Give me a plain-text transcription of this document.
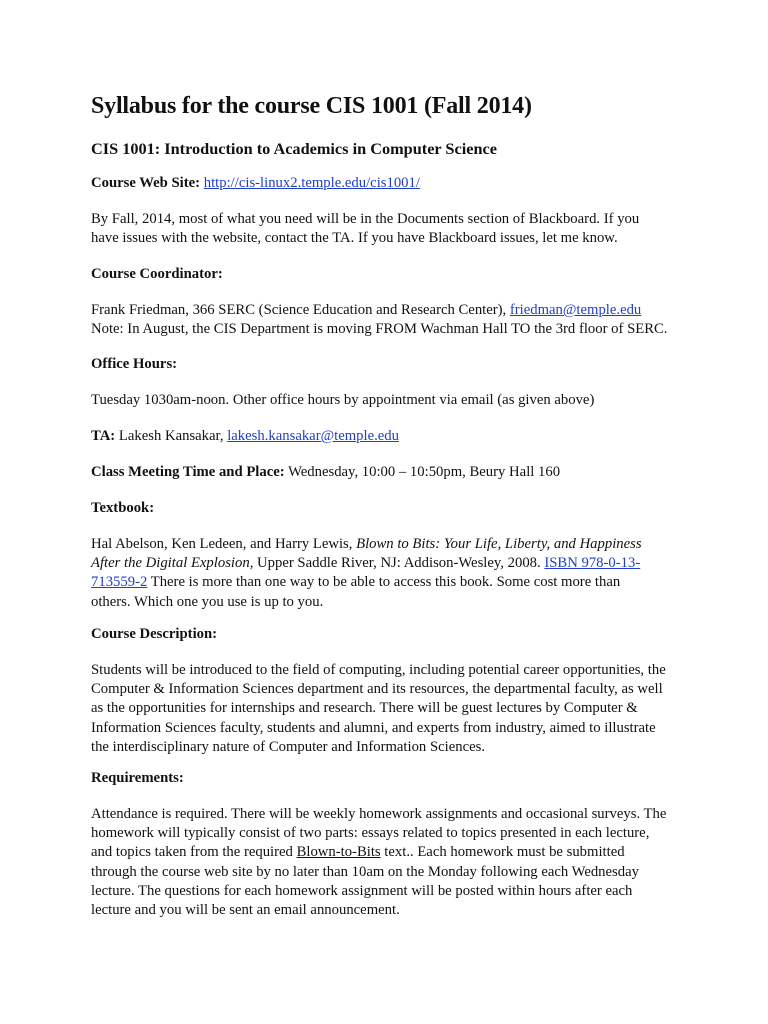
Syllabus for the course CIS 1001 (Fall 2014)
CIS 1001: Introduction to Academics in Computer Science
Course Web Site: http://cis-linux2.temple.edu/cis1001/
By Fall, 2014, most of what you need will be in the Documents section of Blackboard. If you
have issues with the website, contact the TA. If you have Blackboard issues, let me know.
Course Coordinator:
Frank Friedman, 366 SERC (Science Education and Research Center), friedman@temple.edu
Note: In August, the CIS Department is moving FROM Wachman Hall TO the 3rd floor of SERC.
Office Hours:
Tuesday 1030am-noon. Other office hours by appointment via email (as given above)
TA: Lakesh Kansakar, lakesh.kansakar@temple.edu
Class Meeting Time and Place: Wednesday, 10:00 – 10:50pm, Beury Hall 160
Textbook:
Hal Abelson, Ken Ledeen, and Harry Lewis, Blown to Bits: Your Life, Liberty, and Happiness
After the Digital Explosion, Upper Saddle River, NJ: Addison-Wesley, 2008. ISBN 978-0-13-
713559-2 There is more than one way to be able to access this book. Some cost more than
others. Which one you use is up to you.
Course Description:
Students will be introduced to the field of computing, including potential career opportunities, the
Computer & Information Sciences department and its resources, the departmental faculty, as well
as the opportunities for internships and research. There will be guest lectures by Computer &
Information Sciences faculty, students and alumni, and experts from industry, aimed to illustrate
the interdisciplinary nature of Computer and Information Sciences.
Requirements:
Attendance is required. There will be weekly homework assignments and occasional surveys. The
homework will typically consist of two parts: essays related to topics presented in each lecture,
and topics taken from the required Blown-to-Bits text.. Each homework must be submitted
through the course web site by no later than 10am on the Monday following each Wednesday
lecture. The questions for each homework assignment will be posted within hours after each
lecture and you will be sent an email announcement.
